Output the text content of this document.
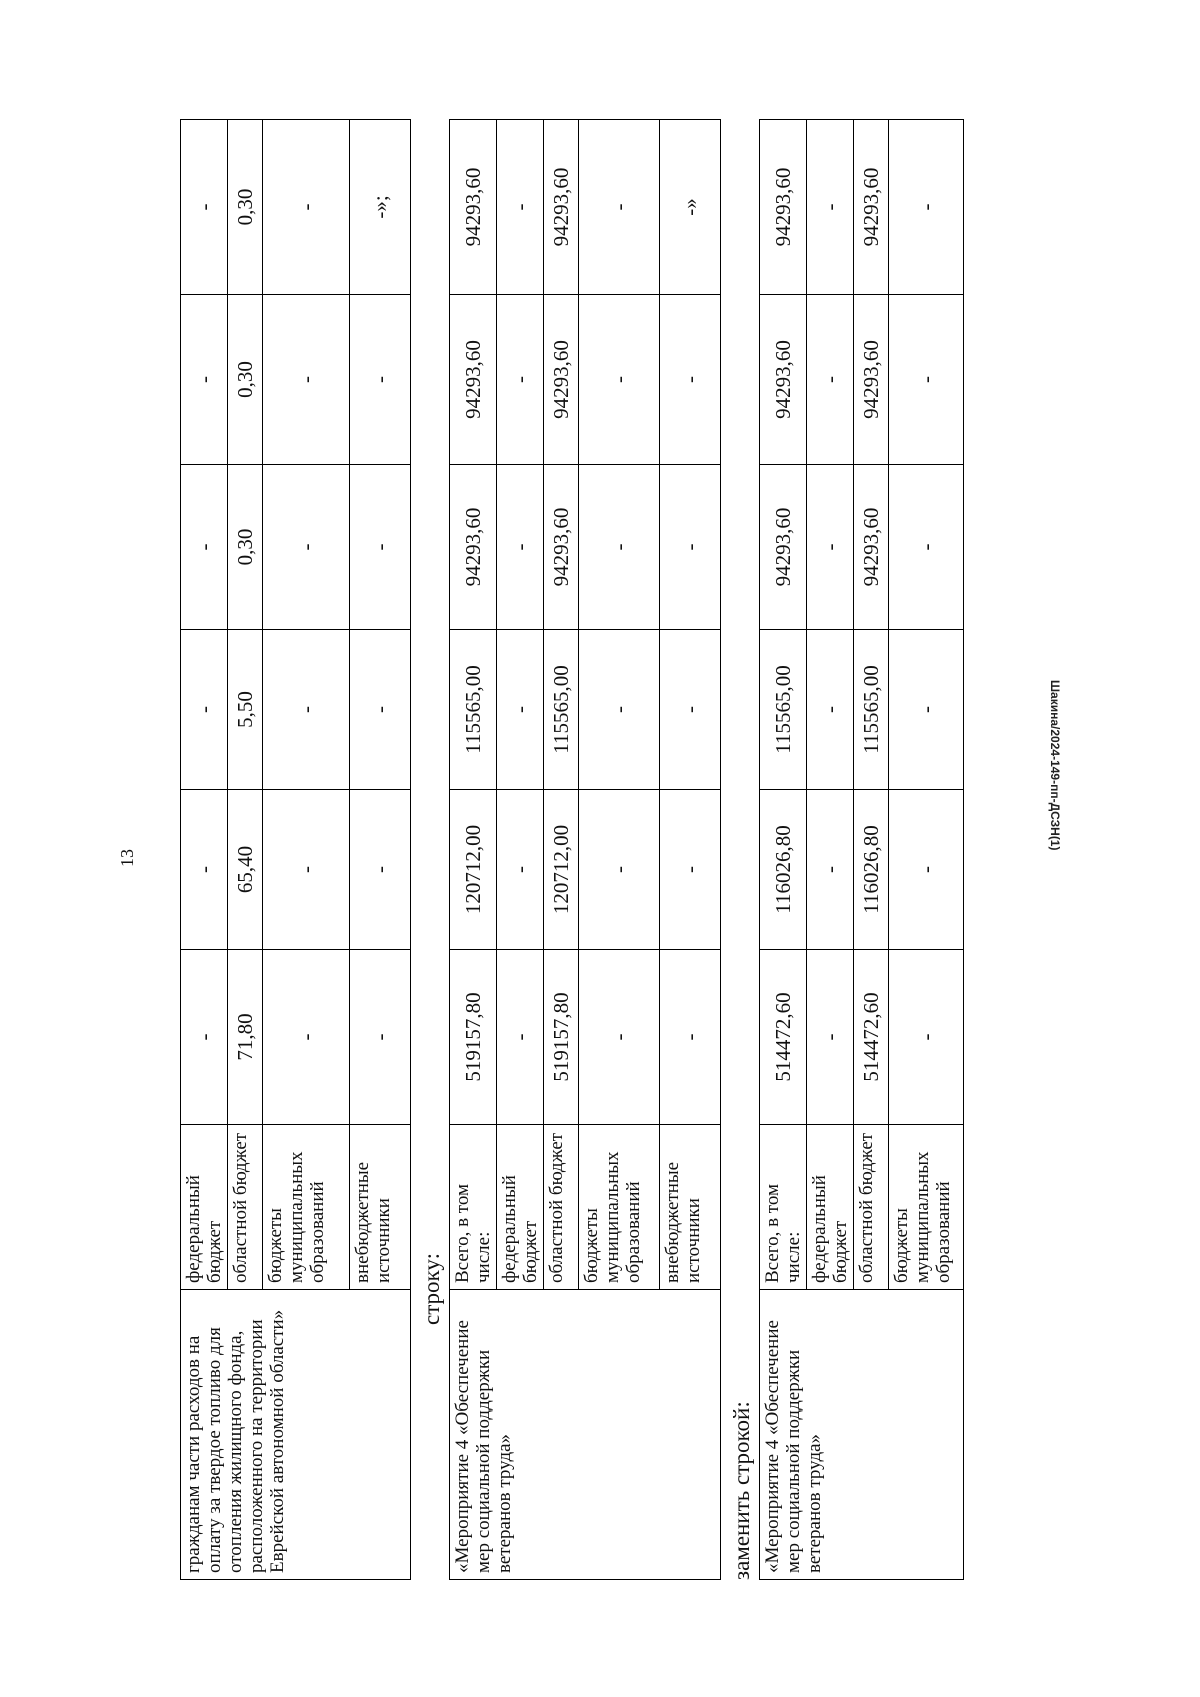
13
Шакина/2024-149-пп-ДСЗН(1)
гражданам части расходов на оплату за твердое топливо для отопления жилищного фонда, расположенного на территории Еврейской автономной области»	федеральный бюджет	-	-	-	-	-	-
	областной бюджет	71,80	65,40	5,50	0,30	0,30	0,30
	бюджеты муниципальных образований	-	-	-	-	-	-
	внебюджетные источники	-	-	-	-	-	-»;
строку:
«Мероприятие 4 «Обеспечение мер социальной поддержки ветеранов труда»	Всего, в том числе:	519157,80	120712,00	115565,00	94293,60	94293,60	94293,60
	федеральный бюджет	-	-	-	-	-	-
	областной бюджет	519157,80	120712,00	115565,00	94293,60	94293,60	94293,60
	бюджеты муниципальных образований	-	-	-	-	-	-
	внебюджетные источники	-	-	-	-	-	-»
заменить строкой: «Мероприятие 4 «Обеспечение мер социальной поддержки ветеранов труда»	Всего, в том числе:	514472,60	116026,80	115565,00	94293,60	94293,60	94293,60
	федеральный бюджет	-	-	-	-	-	-
	областной бюджет	514472,60	116026,80	115565,00	94293,60	94293,60	94293,60
	бюджеты муниципальных образований	-	-	-	-	-	-
